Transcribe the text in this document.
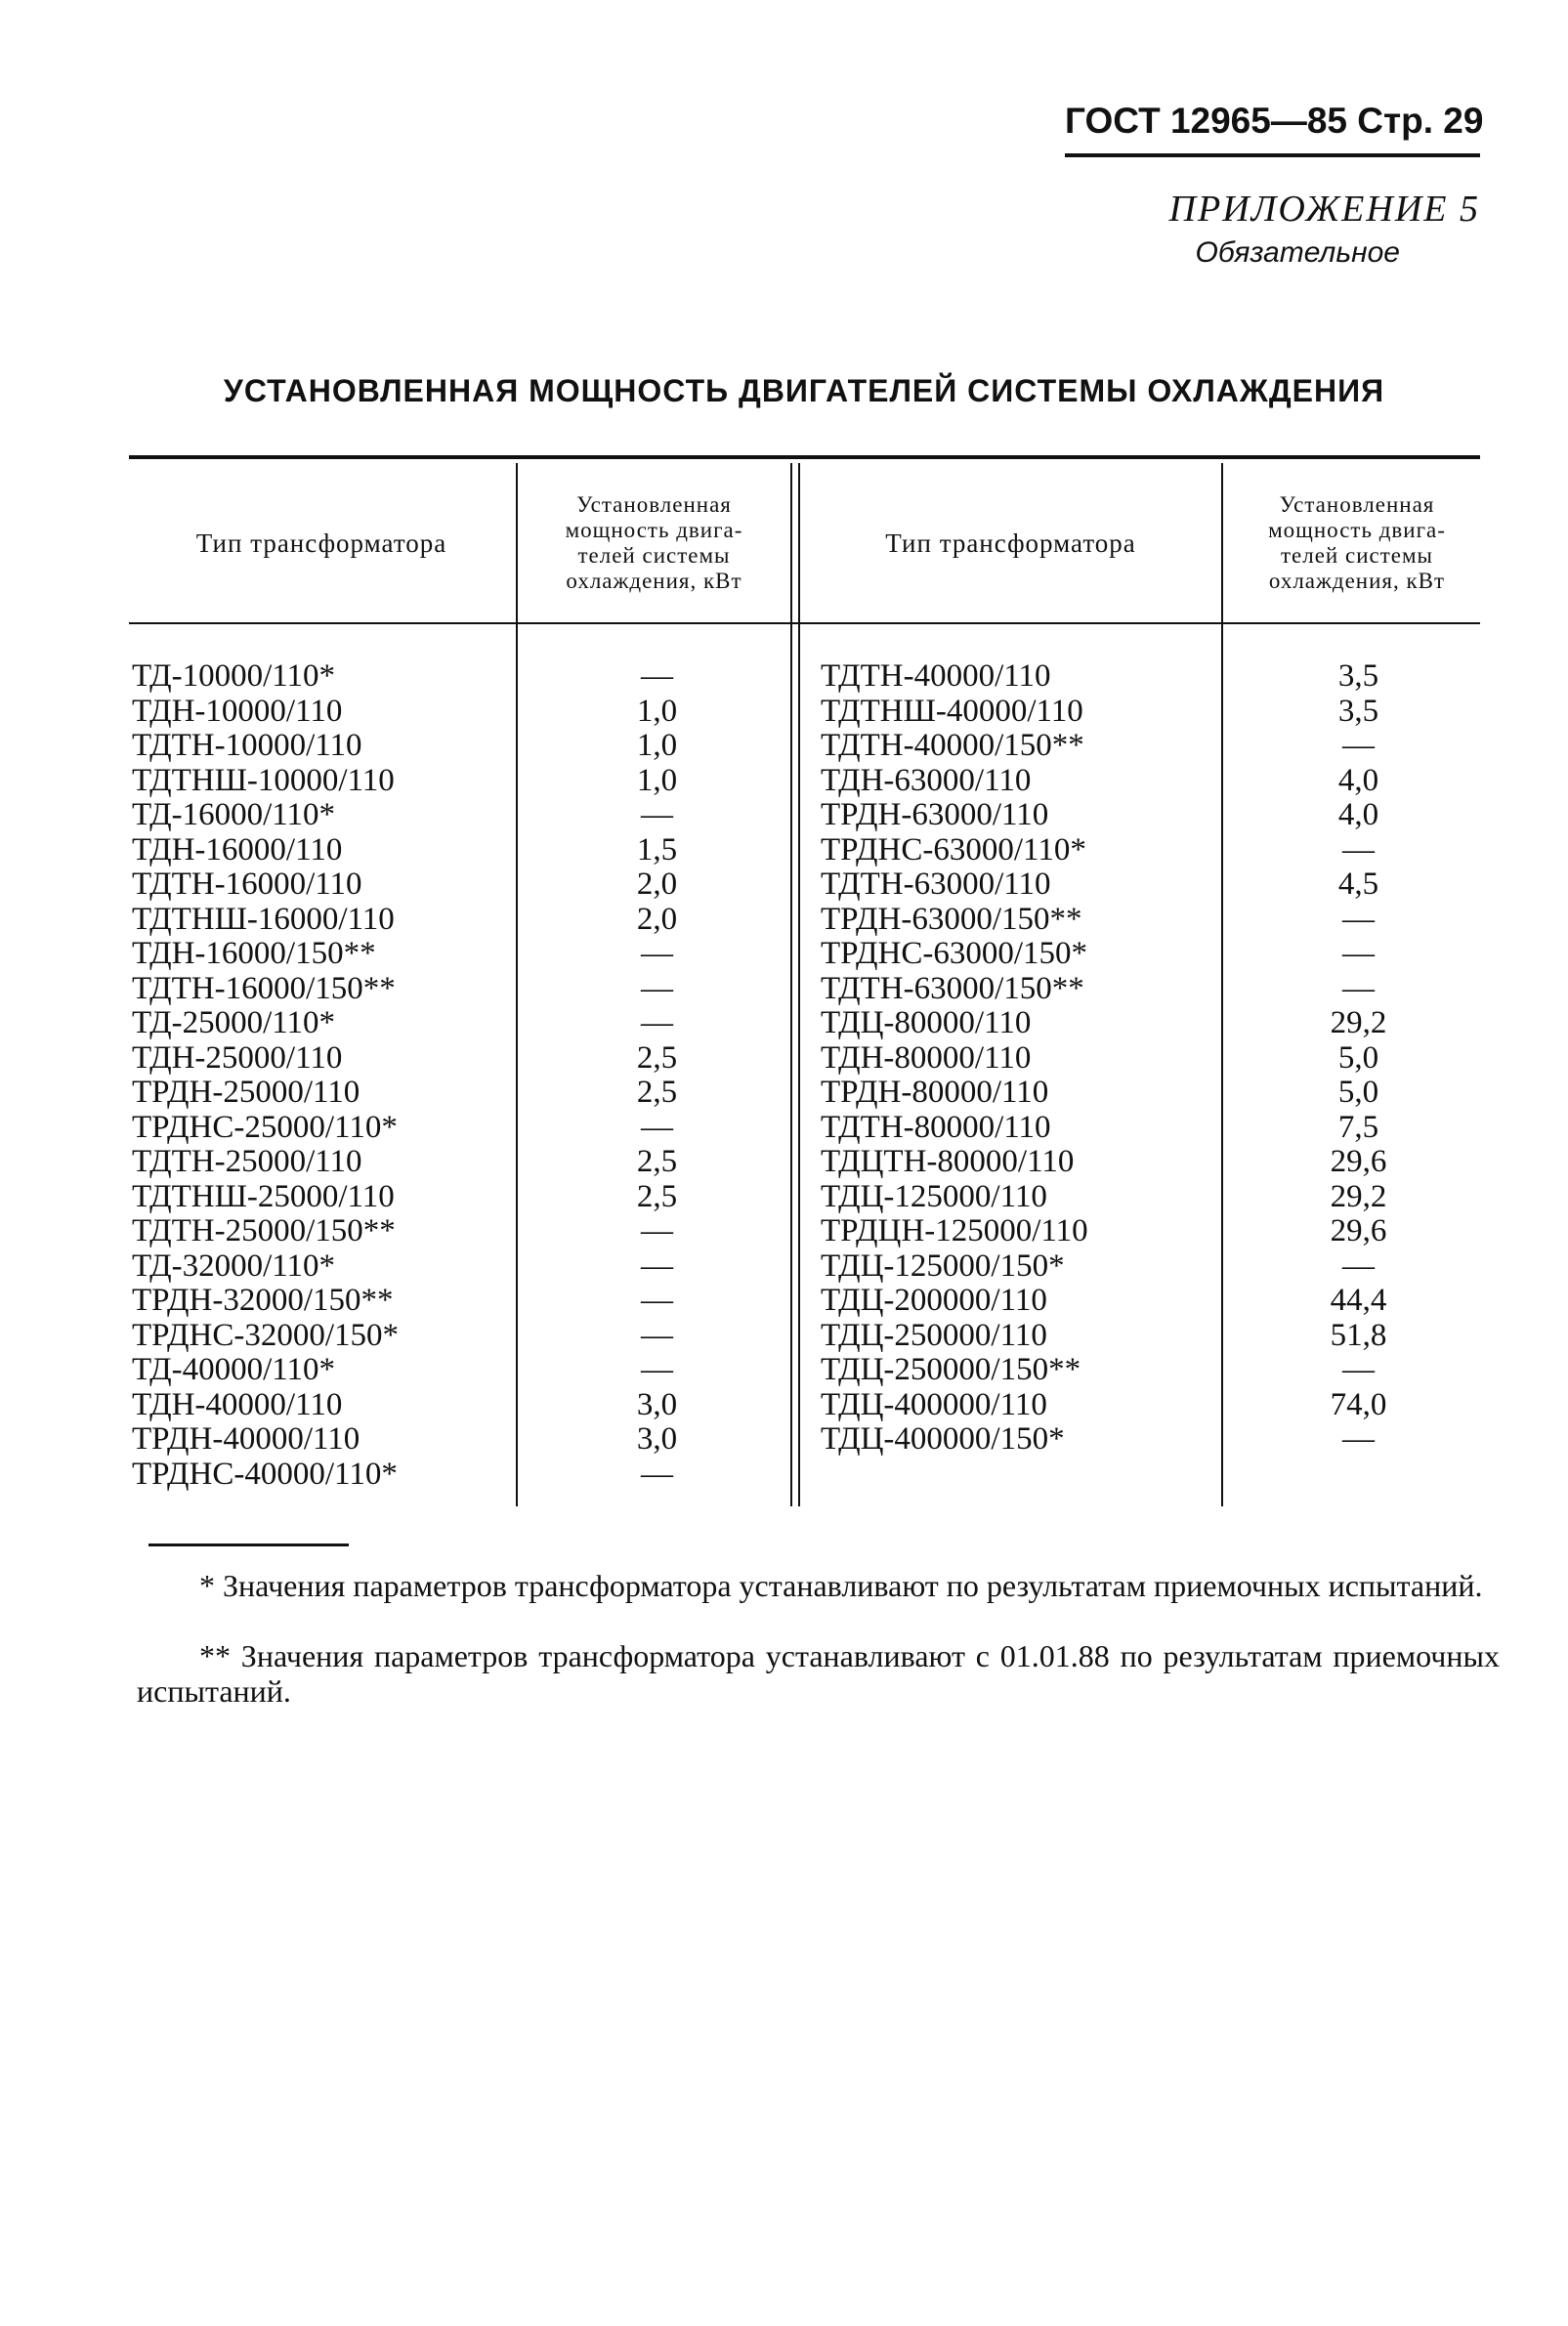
ГОСТ 12965—85 Стр. 29
ПРИЛОЖЕНИЕ 5
Обязательное
УСТАНОВЛЕННАЯ МОЩНОСТЬ ДВИГАТЕЛЕЙ СИСТЕМЫ ОХЛАЖДЕНИЯ
Тип трансформатора
Установленная
мощность двига-
телей системы
охлаждения, кВт
Тип трансформатора
Установленная
мощность двига-
телей системы
охлаждения, кВт
ТД-10000/110*
ТДН-10000/110
ТДТН-10000/110
ТДТНШ-10000/110
ТД-16000/110*
ТДН-16000/110
ТДТН-16000/110
ТДТНШ-16000/110
ТДН-16000/150**
ТДТН-16000/150**
ТД-25000/110*
ТДН-25000/110
ТРДН-25000/110
ТРДНС-25000/110*
ТДТН-25000/110
ТДТНШ-25000/110
ТДТН-25000/150**
ТД-32000/110*
ТРДН-32000/150**
ТРДНС-32000/150*
ТД-40000/110*
ТДН-40000/110
ТРДН-40000/110
ТРДНС-40000/110*
—
1,0
1,0
1,0
—
1,5
2,0
2,0
—
—
—
2,5
2,5
—
2,5
2,5
—
—
—
—
—
3,0
3,0
—
ТДТН-40000/110
ТДТНШ-40000/110
ТДТН-40000/150**
ТДН-63000/110
ТРДН-63000/110
ТРДНС-63000/110*
ТДТН-63000/110
ТРДН-63000/150**
ТРДНС-63000/150*
ТДТН-63000/150**
ТДЦ-80000/110
ТДН-80000/110
ТРДН-80000/110
ТДТН-80000/110
ТДЦТН-80000/110
ТДЦ-125000/110
ТРДЦН-125000/110
ТДЦ-125000/150*
ТДЦ-200000/110
ТДЦ-250000/110
ТДЦ-250000/150**
ТДЦ-400000/110
ТДЦ-400000/150*
3,5
3,5
—
4,0
4,0
—
4,5
—
—
—
29,2
5,0
5,0
7,5
29,6
29,2
29,6
—
44,4
51,8
—
74,0
—
* Значения параметров трансформатора устанавливают по результатам приемочных испытаний.
** Значения параметров трансформатора устанавливают с 01.01.88 по результатам приемочных испытаний.
